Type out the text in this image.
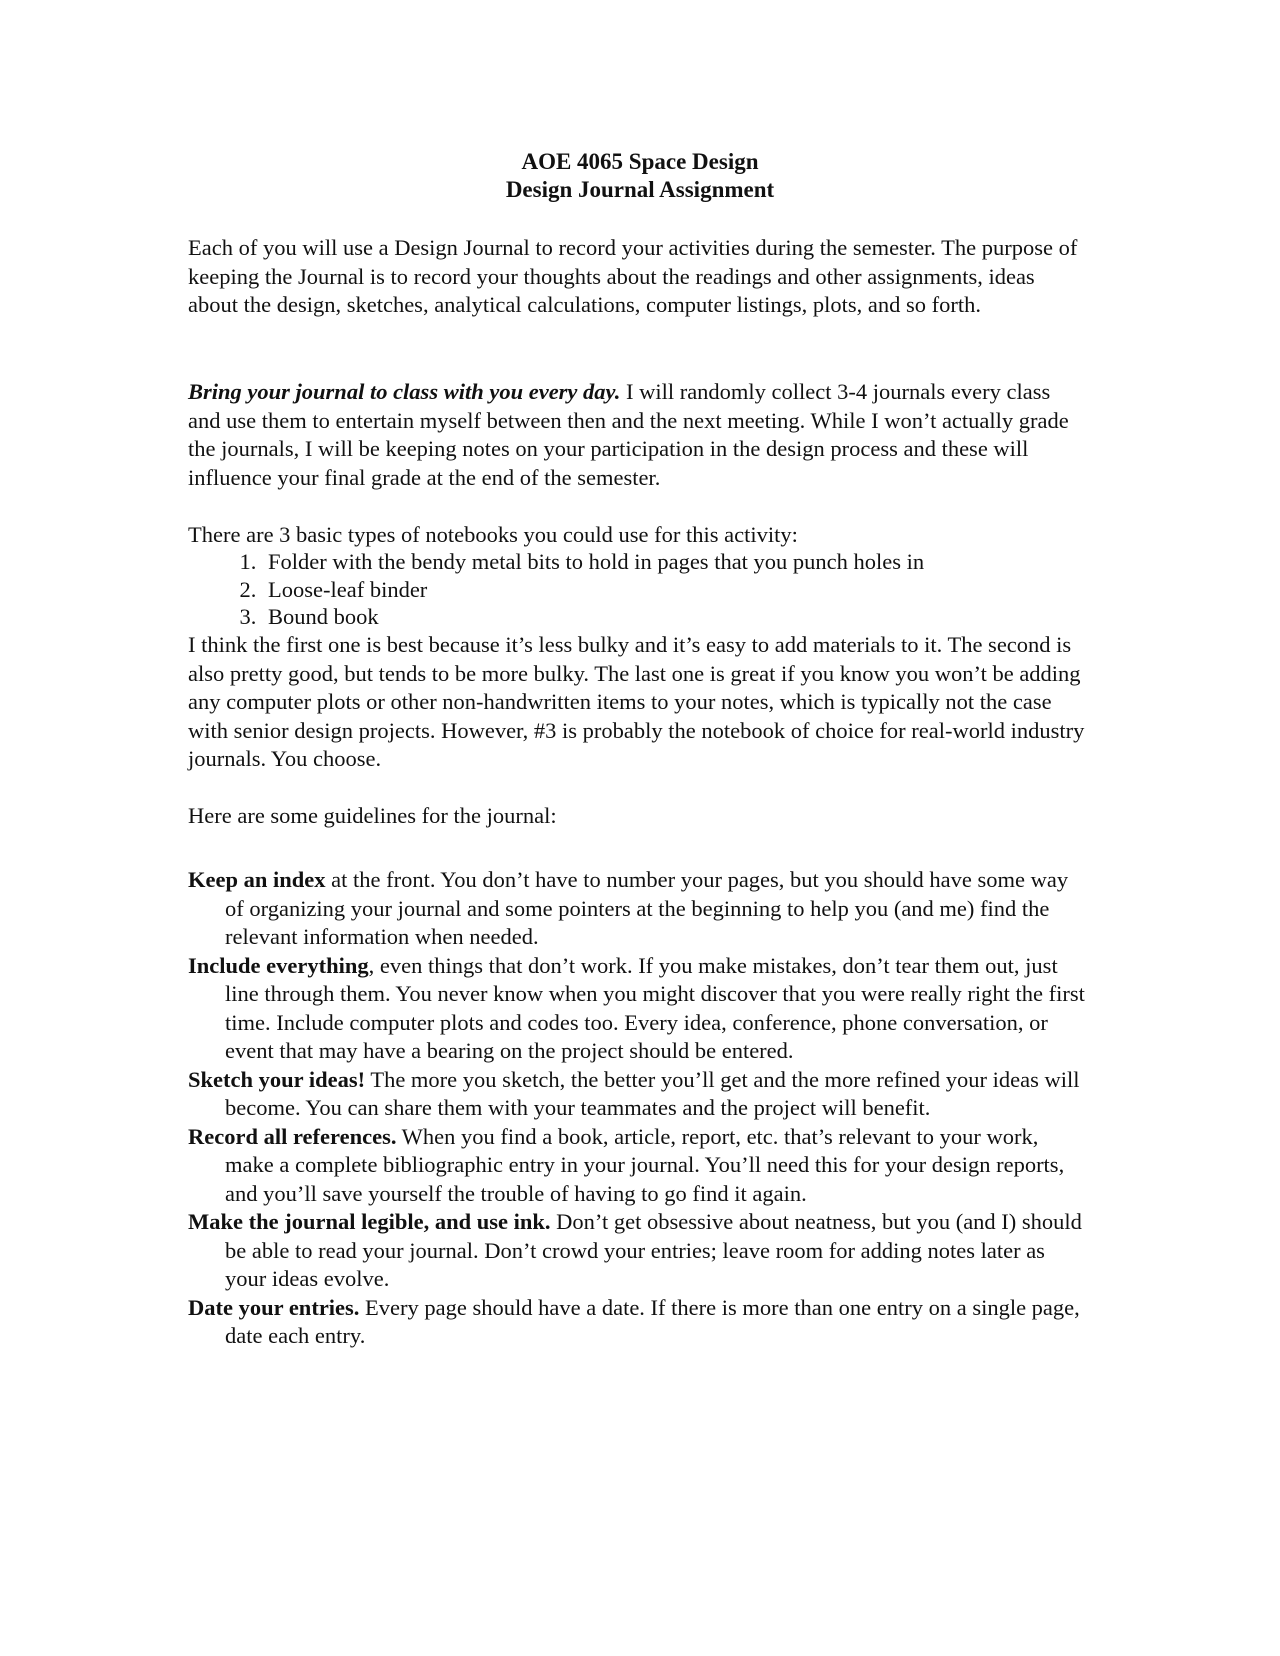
AOE 4065 Space Design

Design Journal Assignment

Each of you will use a Design Journal to record your activities during the semester. The purpose of keeping the Journal is to record your thoughts about the readings and other assignments, ideas about the design, sketches, analytical calculations, computer listings, plots, and so forth.

Bring your journal to class with you every day. I will randomly collect 3-4 journals every class and use them to entertain myself between then and the next meeting. While I won’t actually grade the journals, I will be keeping notes on your participation in the design process and these will influence your final grade at the end of the semester.

There are 3 basic types of notebooks you could use for this activity:

1. Folder with the bendy metal bits to hold in pages that you punch holes in
2. Loose-leaf binder
3. Bound book

I think the first one is best because it’s less bulky and it’s easy to add materials to it. The second is also pretty good, but tends to be more bulky. The last one is great if you know you won’t be adding any computer plots or other non-handwritten items to your notes, which is typically not the case with senior design projects. However, #3 is probably the notebook of choice for real-world industry journals. You choose.

Here are some guidelines for the journal:

Keep an index at the front. You don’t have to number your pages, but you should have some way of organizing your journal and some pointers at the beginning to help you (and me) find the relevant information when needed.

Include everything, even things that don’t work. If you make mistakes, don’t tear them out, just line through them. You never know when you might discover that you were really right the first time. Include computer plots and codes too. Every idea, conference, phone conversation, or event that may have a bearing on the project should be entered.

Sketch your ideas! The more you sketch, the better you’ll get and the more refined your ideas will become. You can share them with your teammates and the project will benefit.

Record all references. When you find a book, article, report, etc. that’s relevant to your work, make a complete bibliographic entry in your journal. You’ll need this for your design reports, and you’ll save yourself the trouble of having to go find it again.

Make the journal legible, and use ink. Don’t get obsessive about neatness, but you (and I) should be able to read your journal. Don’t crowd your entries; leave room for adding notes later as your ideas evolve.

Date your entries. Every page should have a date. If there is more than one entry on a single page, date each entry.
